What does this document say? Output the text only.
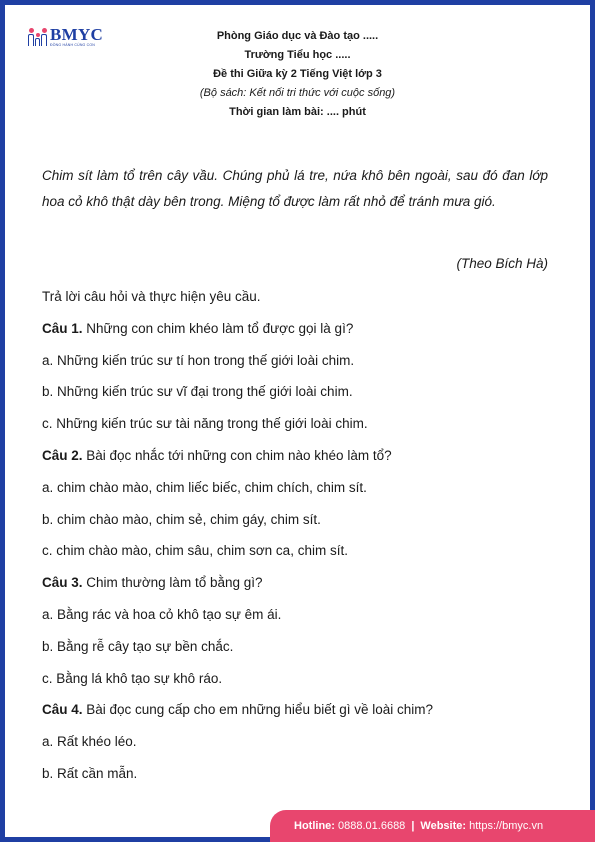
BMYC
ĐỒNG HÀNH CÙNG CON
Phòng Giáo dục và Đào tạo .....
Trường Tiểu học .....
Đề thi Giữa kỳ 2 Tiếng Việt lớp 3
(Bộ sách: Kết nối tri thức với cuộc sống)
Thời gian làm bài: .... phút
Chim sít làm tổ trên cây vầu. Chúng phủ lá tre, nứa khô bên ngoài, sau đó đan lớp hoa cỏ khô thật dày bên trong. Miệng tổ được làm rất nhỏ để tránh mưa gió.
(Theo Bích Hà)
Trả lời câu hỏi và thực hiện yêu cầu.
Câu 1. Những con chim khéo làm tổ được gọi là gì?
a. Những kiến trúc sư tí hon trong thế giới loài chim.
b. Những kiến trúc sư vĩ đại trong thế giới loài chim.
c. Những kiến trúc sư tài năng trong thế giới loài chim.
Câu 2. Bài đọc nhắc tới những con chim nào khéo làm tổ?
a. chim chào mào, chim liếc biếc, chim chích, chim sít.
b. chim chào mào, chim sẻ, chim gáy, chim sít.
c. chim chào mào, chim sâu, chim sơn ca, chim sít.
Câu 3. Chim thường làm tổ bằng gì?
a. Bằng rác và hoa cỏ khô tạo sự êm ái.
b. Bằng rễ cây tạo sự bền chắc.
c. Bằng lá khô tạo sự khô ráo.
Câu 4. Bài đọc cung cấp cho em những hiểu biết gì về loài chim?
a. Rất khéo léo.
b. Rất cần mẫn.
Hotline:
0888.01.6688 | Website:
https://bmyc.vn
